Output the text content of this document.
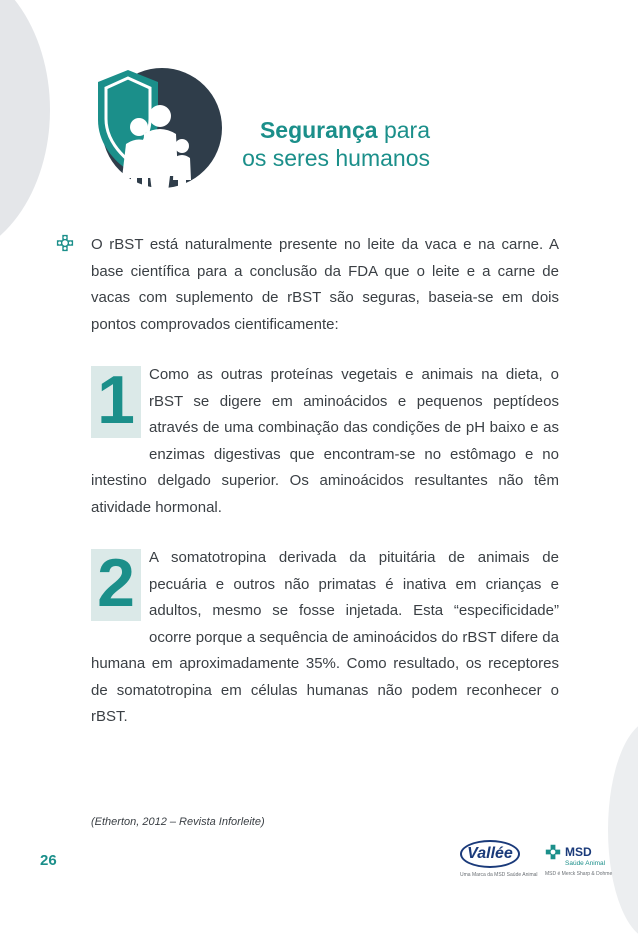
Segurança para
os seres humanos

O rBST está naturalmente presente no leite da vaca e na carne. A base científica para a conclusão da FDA que o leite e a carne de vacas com suplemento de rBST são seguras, baseia-se em dois pontos comprovados cientificamente:

1 Como as outras proteínas vegetais e animais na dieta, o rBST se digere em aminoácidos e pequenos peptídeos através de uma combinação das condições de pH baixo e as enzimas digestivas que encontram-se no estômago e no intestino delgado superior. Os aminoácidos resultantes não têm atividade hormonal.

2 A somatotropina derivada da pituitária de animais de pecuária e outros não primatas é inativa em crianças e adultos, mesmo se fosse injetada. Esta “especificidade” ocorre porque a sequência de aminoácidos do rBST difere da humana em aproximadamente 35%. Como resultado, os receptores de somatotropina em células humanas não podem reconhecer o rBST.

(Etherton, 2012 – Revista Inforleite)
26	Vallée
Uma Marca da MSD Saúde Animal
MSD
Saúde Animal
MSD é Merck Sharp & Dohme
